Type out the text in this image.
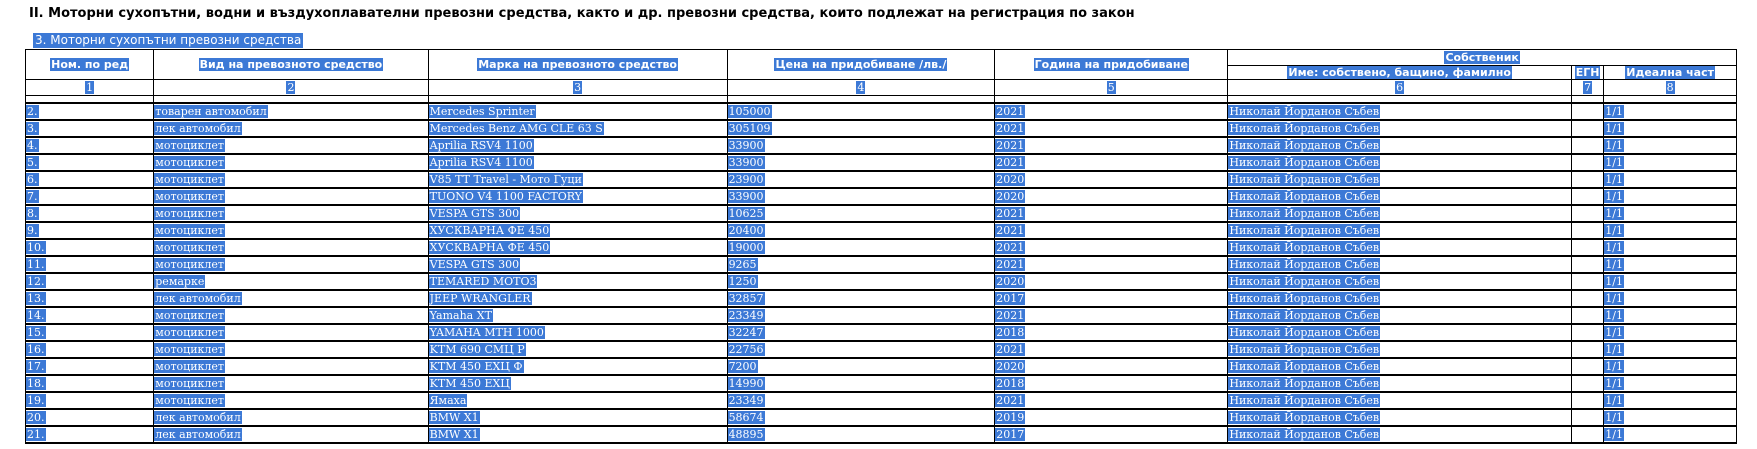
II. Моторни сухопътни, водни и въздухоплавателни превозни средства, както и др. превозни средства, които подлежат на регистрация по закон
3. Моторни сухопътни превозни средства
Ном. по ред	Вид на превозното средство	Марка на превозното средство	Цена на придобиване /лв./	Година на придобиване	Собственик		
					Име: собствено, бащино, фамилно	ЕГН	Идеална част
1	2	3	4	5	6	7	8

2.	товарен автомобил	Mercedes Sprinter	105000	2021	Николай Йорданов Събев		1/1
3.	лек автомобил	Mercedes Benz AMG CLE 63 S	305109	2021	Николай Йорданов Събев		1/1
4.	мотоциклет	Aprilia RSV4 1100	33900	2021	Николай Йорданов Събев		1/1
5.	мотоциклет	Aprilia RSV4 1100	33900	2021	Николай Йорданов Събев		1/1
6.	мотоциклет	V85 TT Travel - Мото Гуци	23900	2020	Николай Йорданов Събев		1/1
7.	мотоциклет	TUONO V4 1100 FACTORY	33900	2020	Николай Йорданов Събев		1/1
8.	мотоциклет	VESPA GTS 300	10625	2021	Николай Йорданов Събев		1/1
9.	мотоциклет	ХУСКВАРНА ФЕ 450	20400	2021	Николай Йорданов Събев		1/1
10.	мотоциклет	ХУСКВАРНА ФЕ 450	19000	2021	Николай Йорданов Събев		1/1
11.	мотоциклет	VESPA GTS 300	9265	2021	Николай Йорданов Събев		1/1
12.	ремарке	TEMARED MOTO3	1250	2020	Николай Йорданов Събев		1/1
13.	лек автомобил	JEEP WRANGLER	32857	2017	Николай Йорданов Събев		1/1
14.	мотоциклет	Yamaha XT	23349	2021	Николай Йорданов Събев		1/1
15.	мотоциклет	YAMAHA MTH 1000	32247	2018	Николай Йорданов Събев		1/1
16.	мотоциклет	KTM 690 СМЦ Р	22756	2021	Николай Йорданов Събев		1/1
17.	мотоциклет	KTM 450 ЕХЦ Ф	7200	2020	Николай Йорданов Събев		1/1
18.	мотоциклет	KTM 450 ЕХЦ	14990	2018	Николай Йорданов Събев		1/1
19.	мотоциклет	Ямаха	23349	2021	Николай Йорданов Събев		1/1
20.	лек автомобил	BMW X1	58674	2019	Николай Йорданов Събев		1/1
21.	лек автомобил	BMW X1	48895	2017	Николай Йорданов Събев		1/1
